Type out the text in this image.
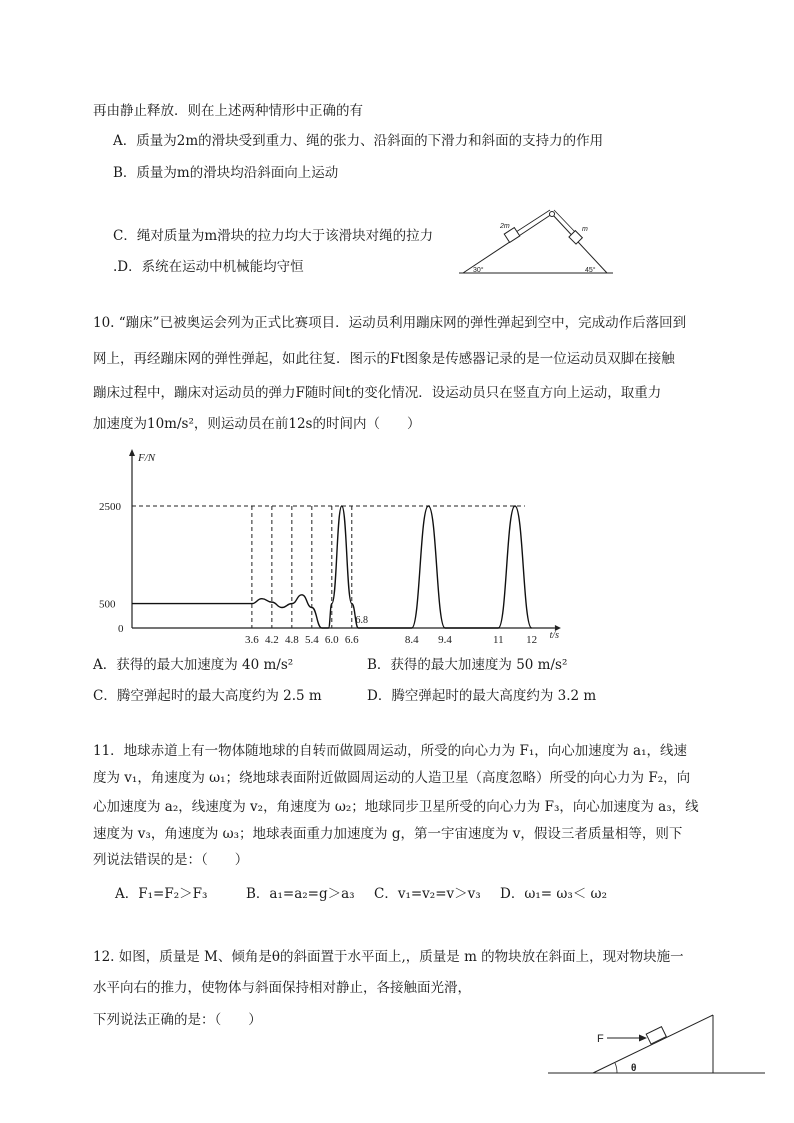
再由静止释放．则在上述两种情形中正确的有
A．质量为2m的滑块受到重力、绳的张力、沿斜面的下滑力和斜面的支持力的作用
B．质量为m的滑块均沿斜面向上运动
C．绳对质量为m滑块的拉力均大于该滑块对绳的拉力
.D．系统在运动中机械能均守恒
2m	m
30°	45°
10. “蹦床”已被奥运会列为正式比赛项目．运动员利用蹦床网的弹性弹起到空中，完成动作后落回到
网上，再经蹦床网的弹性弹起，如此往复．图示的Ft图象是传感器记录的是一位运动员双脚在接触
蹦床过程中，蹦床对运动员的弹力F随时间t的变化情况．设运动员只在竖直方向上运动，取重力
加速度为10m/s²，则运动员在前12s的时间内（　　）
F/N
t/s
0
500
2500
3.6 4.2 4.8 5.4 6.0 6.6	8.4 9.4	11 12
6.8
A．获得的最大加速度为 40 m/s²	B．获得的最大加速度为 50 m/s²
C．腾空弹起时的最大高度约为 2.5 m	D．腾空弹起时的最大高度约为 3.2 m
11．地球赤道上有一物体随地球的自转而做圆周运动，所受的向心力为 F₁，向心加速度为 a₁，线速
度为 v₁，角速度为 ω₁；绕地球表面附近做圆周运动的人造卫星（高度忽略）所受的向心力为 F₂，向
心加速度为 a₂，线速度为 v₂，角速度为 ω₂；地球同步卫星所受的向心力为 F₃，向心加速度为 a₃，线
速度为 v₃，角速度为 ω₃；地球表面重力加速度为 g，第一宇宙速度为 v，假设三者质量相等，则下
列说法错误的是：（　　）
A．F₁=F₂＞F₃	B．a₁=a₂=g＞a₃ C．v₁=v₂=v＞v₃ D．ω₁= ω₃＜ ω₂
12. 如图，质量是 M、倾角是θ的斜面置于水平面上,，质量是 m 的物块放在斜面上，现对物块施一
水平向右的推力，使物体与斜面保持相对静止，各接触面光滑，
下列说法正确的是：（　　）
F
θ
